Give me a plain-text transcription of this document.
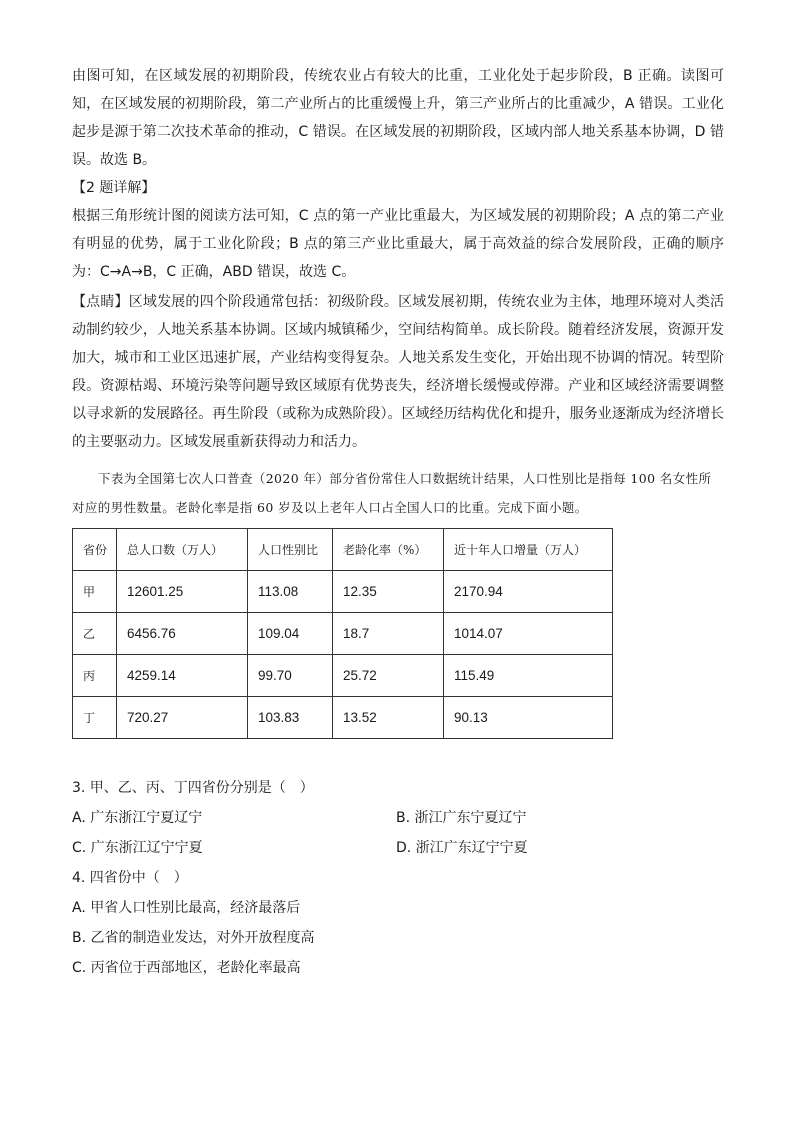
由图可知，在区域发展的初期阶段，传统农业占有较大的比重，工业化处于起步阶段，B 正确。读图可知，在区域发展的初期阶段，第二产业所占的比重缓慢上升，第三产业所占的比重减少，A 错误。工业化起步是源于第二次技术革命的推动，C 错误。在区域发展的初期阶段，区域内部人地关系基本协调，D 错误。故选 B。

【2 题详解】

根据三角形统计图的阅读方法可知，C 点的第一产业比重最大，为区域发展的初期阶段；A 点的第二产业有明显的优势，属于工业化阶段；B 点的第三产业比重最大，属于高效益的综合发展阶段，正确的顺序为：C→A→B，C 正确，ABD 错误，故选 C。

【点睛】区域发展的四个阶段通常包括：初级阶段。区域发展初期，传统农业为主体，地理环境对人类活动制约较少，人地关系基本协调。区域内城镇稀少，空间结构简单。成长阶段。随着经济发展，资源开发加大，城市和工业区迅速扩展，产业结构变得复杂。人地关系发生变化，开始出现不协调的情况。转型阶段。资源枯竭、环境污染等问题导致区域原有优势丧失，经济增长缓慢或停滞。产业和区域经济需要调整以寻求新的发展路径。再生阶段（或称为成熟阶段）。区域经历结构优化和提升，服务业逐渐成为经济增长的主要驱动力。区域发展重新获得动力和活力。

下表为全国第七次人口普查（2020 年）部分省份常住人口数据统计结果，人口性别比是指每 100 名女性所对应的男性数量。老龄化率是指 60 岁及以上老年人口占全国人口的比重。完成下面小题。

省份	总人口数（万人）	人口性别比	老龄化率（%）	近十年人口增量（万人）
甲	12601.25	113.08	12.35	2170.94
乙	6456.76	109.04	18.7	1014.07
丙	4259.14	99.70	25.72	115.49
丁	720.27	103.83	13.52	90.13

3. 甲、乙、丙、丁四省份分别是（　）

A. 广东浙江宁夏辽宁	B. 浙江广东宁夏辽宁
C. 广东浙江辽宁宁夏	D. 浙江广东辽宁宁夏

4. 四省份中（　）

A. 甲省人口性别比最高，经济最落后

B. 乙省的制造业发达，对外开放程度高

C. 丙省位于西部地区，老龄化率最高
